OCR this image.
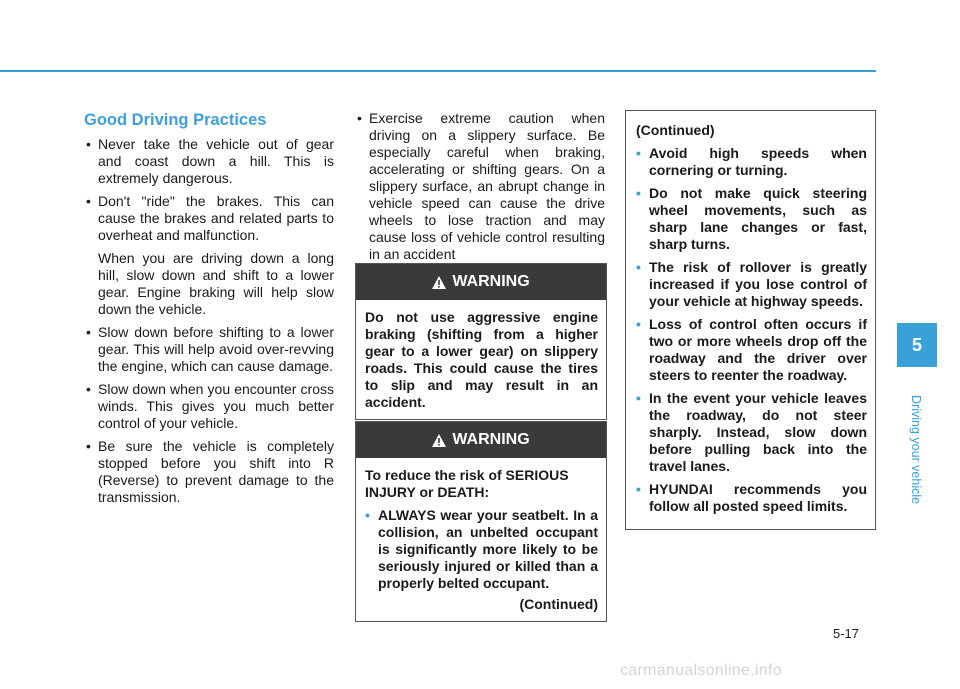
Good Driving Practices
• Never take the vehicle out of gear and coast down a hill. This is extremely dangerous.
• Don't "ride" the brakes. This can cause the brakes and related parts to overheat and malfunction.

When you are driving down a long hill, slow down and shift to a lower gear. Engine braking will help slow down the vehicle.

• Slow down before shifting to a lower gear. This will help avoid over-revving the engine, which can cause damage.
• Slow down when you encounter cross winds. This gives you much better control of your vehicle.
• Be sure the vehicle is completely stopped before you shift into R (Reverse) to prevent damage to the transmission.
• Exercise extreme caution when driving on a slippery surface. Be especially careful when braking, accelerating or shifting gears. On a slippery surface, an abrupt change in vehicle speed can cause the drive wheels to lose traction and may cause loss of vehicle control resulting in an accident
WARNING
Do not use aggressive engine braking (shifting from a higher gear to a lower gear) on slippery roads. This could cause the tires to slip and may result in an accident.
WARNING
To reduce the risk of SERIOUS INJURY or DEATH:
• ALWAYS wear your seatbelt. In a collision, an unbelted occupant is significantly more likely to be seriously injured or killed than a properly belted occupant.
(Continued)
(Continued)
• Avoid high speeds when cornering or turning.
• Do not make quick steering wheel movements, such as sharp lane changes or fast, sharp turns.
• The risk of rollover is greatly increased if you lose control of your vehicle at highway speeds.
• Loss of control often occurs if two or more wheels drop off the roadway and the driver over steers to reenter the roadway.
• In the event your vehicle leaves the roadway, do not steer sharply. Instead, slow down before pulling back into the travel lanes.
• HYUNDAI recommends you follow all posted speed limits.
5
Driving your vehicle
5-17
carmanualsonline.info
